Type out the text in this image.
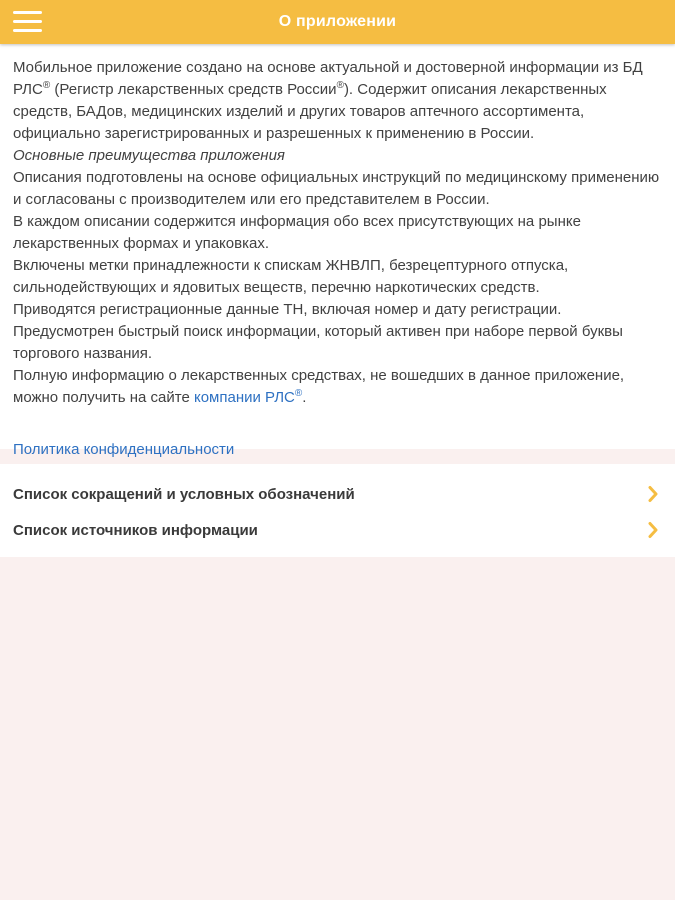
О приложении

Мобильное приложение создано на основе актуальной и достоверной информации из БД РЛС® (Регистр лекарственных средств России®). Содержит описания лекарственных средств, БАДов, медицинских изделий и других товаров аптечного ассортимента, официально зарегистрированных и разрешенных к применению в России.

Основные преимущества приложения

Описания подготовлены на основе официальных инструкций по медицинскому применению и согласованы с производителем или его представителем в России.

В каждом описании содержится информация обо всех присутствующих на рынке лекарственных формах и упаковках.

Включены метки принадлежности к спискам ЖНВЛП, безрецептурного отпуска, сильнодействующих и ядовитых веществ, перечню наркотических средств.

Приводятся регистрационные данные ТН, включая номер и дату регистрации.

Предусмотрен быстрый поиск информации, который активен при наборе первой буквы торгового названия.

Полную информацию о лекарственных средствах, не вошедших в данное приложение, можно получить на сайте компании РЛС®.

Политика конфиденциальности

Список сокращений и условных обозначений
Список источников информации
